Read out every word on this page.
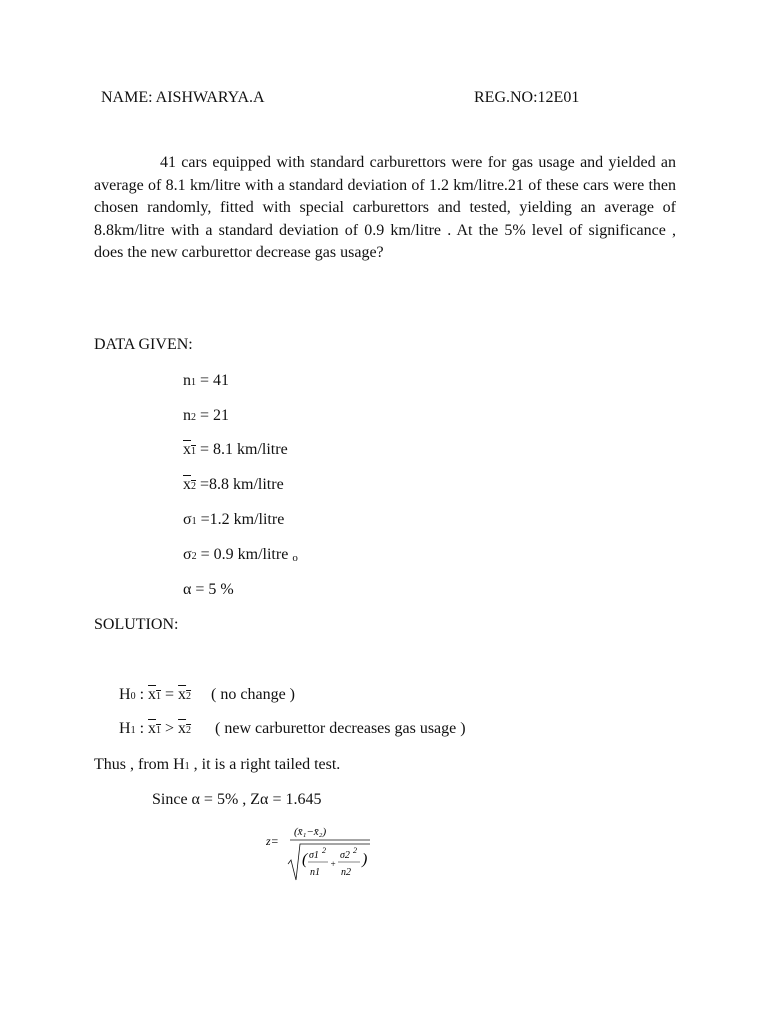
NAME: AISHWARYA.A	REG.NO:12E01
41 cars equipped with standard carburettors were for gas usage and yielded an average of 8.1 km/litre with a standard deviation of 1.2 km/litre.21 of these cars were then chosen randomly, fitted with special carburettors and tested, yielding an average of 8.8km/litre with a standard deviation of 0.9 km/litre . At the 5% level of significance , does the new carburettor decrease gas usage?
DATA GIVEN:
n1 = 41
n2 = 21
x1 = 8.1 km/litre
x2 =8.8 km/litre
σ1 =1.2 km/litre
σ2 = 0.9 km/litre o
α = 5 %
SOLUTION:
H0 : x1 = x2 ( no change )
H1 : x1 > x2 ( new carburettor decreases gas usage )
Thus , from H1 , it is a right tailed test.
Since α = 5% , Zα = 1.645
z=
(x̄₁−x̄₂)
( σ1 2
n1
+
σ2 2
n2
)
